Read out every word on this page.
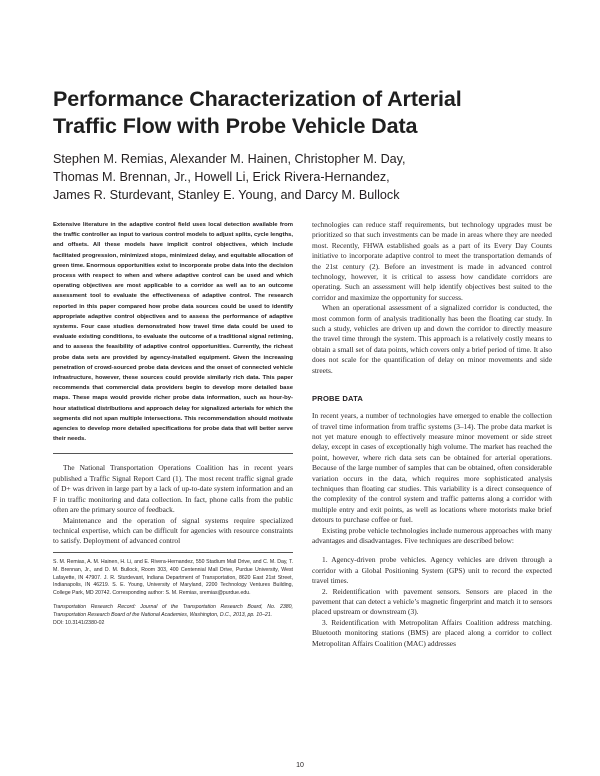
Performance Characterization of Arterial
Traffic Flow with Probe Vehicle Data
Stephen M. Remias, Alexander M. Hainen, Christopher M. Day,
Thomas M. Brennan, Jr., Howell Li, Erick Rivera-Hernandez,
James R. Sturdevant, Stanley E. Young, and Darcy M. Bullock

Extensive literature in the adaptive control field uses local detection available from the traffic controller as input to various control models to adjust splits, cycle lengths, and offsets. All these models have implicit control objectives, which include facilitated progression, minimized stops, minimized delay, and equitable allocation of green time. Enormous opportunities exist to incorporate probe data into the decision process with respect to when and where adaptive control can be used and which operating objectives are most applicable to a corridor as well as to an outcome assessment tool to evaluate the effectiveness of adaptive control. The research reported in this paper compared how probe data sources could be used to identify appropriate adaptive control objectives and to assess the performance of adaptive systems. Four case studies demonstrated how travel time data could be used to evaluate existing conditions, to evaluate the outcome of a traditional signal retiming, and to assess the feasibility of adaptive control opportunities. Currently, the richest probe data sets are provided by agency-installed equipment. Given the increasing penetration of crowd-sourced probe data devices and the onset of connected vehicle infrastructure, however, these sources could provide similarly rich data. This paper recommends that commercial data providers begin to develop more detailed base maps. These maps would provide richer probe data information, such as hour-by-hour statistical distributions and approach delay for signalized arterials for which the segments did not span multiple intersections. This recommendation should motivate agencies to develop more detailed specifications for probe data that will better serve their needs.

The National Transportation Operations Coalition has in recent years published a Traffic Signal Report Card (1). The most recent traffic signal grade of D+ was driven in large part by a lack of up-to-date system information and an F in traffic monitoring and data collection. In fact, phone calls from the public often are the primary source of feedback.

Maintenance and the operation of signal systems require specialized technical expertise, which can be difficult for agencies with resource constraints to satisfy. Deployment of advanced control

S. M. Remias, A. M. Hainen, H. Li, and E. Rivera-Hernandez, 550 Stadium Mall Drive, and C. M. Day, T. M. Brennan, Jr., and D. M. Bullock, Room 303, 400 Centennial Mall Drive, Purdue University, West Lafayette, IN 47907. J. R. Sturdevant, Indiana Department of Transportation, 8620 East 21st Street, Indianapolis, IN 46219. S. E. Young, University of Maryland, 2200 Technology Ventures Building, College Park, MD 20742. Corresponding author: S. M. Remias, sremias@purdue.edu.

Transportation Research Record: Journal of the Transportation Research Board, No. 2380, Transportation Research Board of the National Academies, Washington, D.C., 2013, pp. 10–21.

DOI: 10.3141/2380-02

technologies can reduce staff requirements, but technology upgrades must be prioritized so that such investments can be made in areas where they are needed most. Recently, FHWA established goals as a part of its Every Day Counts initiative to incorporate adaptive control to meet the transportation demands of the 21st century (2). Before an investment is made in advanced control technology, however, it is critical to assess how candidate corridors are operating. Such an assessment will help identify objectives best suited to the corridor and maximize the opportunity for success.

When an operational assessment of a signalized corridor is conducted, the most common form of analysis traditionally has been the floating car study. In such a study, vehicles are driven up and down the corridor to directly measure the travel time through the system. This approach is a relatively costly means to obtain a small set of data points, which covers only a brief period of time. It also does not scale for the quantification of delay on minor movements and side streets.

PROBE DATA

In recent years, a number of technologies have emerged to enable the collection of travel time information from traffic systems (3–14). The probe data market is not yet mature enough to effectively measure minor movement or side street delay, except in cases of exceptionally high volume. The market has reached the point, however, where rich data sets can be obtained for arterial operations. Because of the large number of samples that can be obtained, often considerable variation occurs in the data, which requires more sophisticated analysis techniques than floating car studies. This variability is a direct consequence of the complexity of the control system and traffic patterns along a corridor with multiple entry and exit points, as well as locations where motorists make brief detours to purchase coffee or fuel.

Existing probe vehicle technologies include numerous approaches with many advantages and disadvantages. Five techniques are described below:

1. Agency-driven probe vehicles. Agency vehicles are driven through a corridor with a Global Positioning System (GPS) unit to record the expected travel times.

2. Reidentification with pavement sensors. Sensors are placed in the pavement that can detect a vehicle’s magnetic fingerprint and match it to sensors placed upstream or downstream (3).

3. Reidentification with Metropolitan Affairs Coalition address matching. Bluetooth monitoring stations (BMS) are placed along a corridor to collect Metropolitan Affairs Coalition (MAC) addresses

10
